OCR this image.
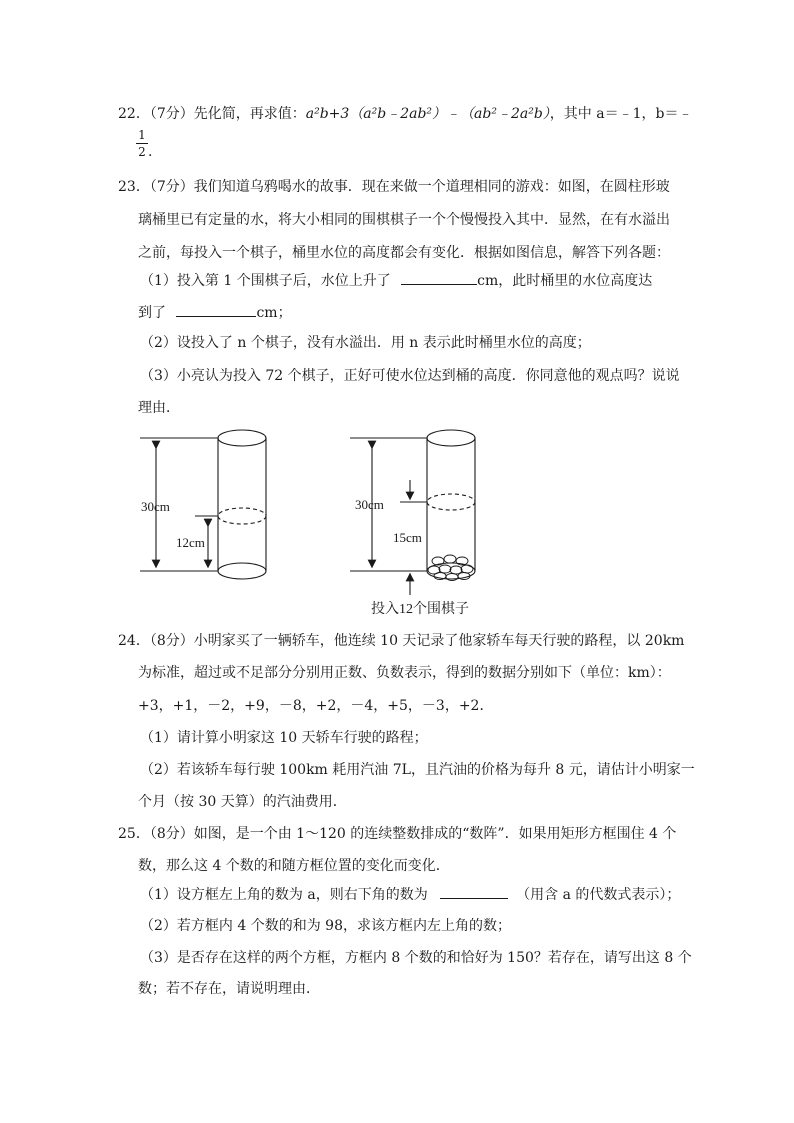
22．（7分）先化简，再求值：a²b+3（a²b﹣2ab²）﹣（ab²﹣2a²b），其中 a＝﹣1，b＝﹣
1
2 .
23．（7分）我们知道乌鸦喝水的故事．现在来做一个道理相同的游戏：如图，在圆柱形玻
璃桶里已有定量的水，将大小相同的围棋棋子一个个慢慢投入其中．显然，在有水溢出
之前，每投入一个棋子，桶里水位的高度都会有变化．根据如图信息，解答下列各题：
（1）投入第 1 个围棋子后，水位上升了	cm，此时桶里的水位高度达
到了	cm；
（2）设投入了 n 个棋子，没有水溢出．用 n 表示此时桶里水位的高度；
（3）小亮认为投入 72 个棋子，正好可使水位达到桶的高度．你同意他的观点吗？说说
理由．
30cm
12cm
30cm
15cm
投入12个围棋子
24．（8分）小明家买了一辆轿车，他连续 10 天记录了他家轿车每天行驶的路程，以 20km
为标准，超过或不足部分分别用正数、负数表示，得到的数据分别如下（单位：km）：
+3，+1，－2，+9，－8，+2，－4，+5，－3，+2．
（1）请计算小明家这 10 天轿车行驶的路程；
（2）若该轿车每行驶 100km 耗用汽油 7L，且汽油的价格为每升 8 元，请估计小明家一
个月（按 30 天算）的汽油费用．
25．（8分）如图，是一个由 1～120 的连续整数排成的“数阵”．如果用矩形方框围住 4 个
数，那么这 4 个数的和随方框位置的变化而变化．
（1）设方框左上角的数为 a，则右下角的数为	（用含 a 的代数式表示）；
（2）若方框内 4 个数的和为 98，求该方框内左上角的数；
（3）是否存在这样的两个方框，方框内 8 个数的和恰好为 150？若存在，请写出这 8 个
数；若不存在，请说明理由．
